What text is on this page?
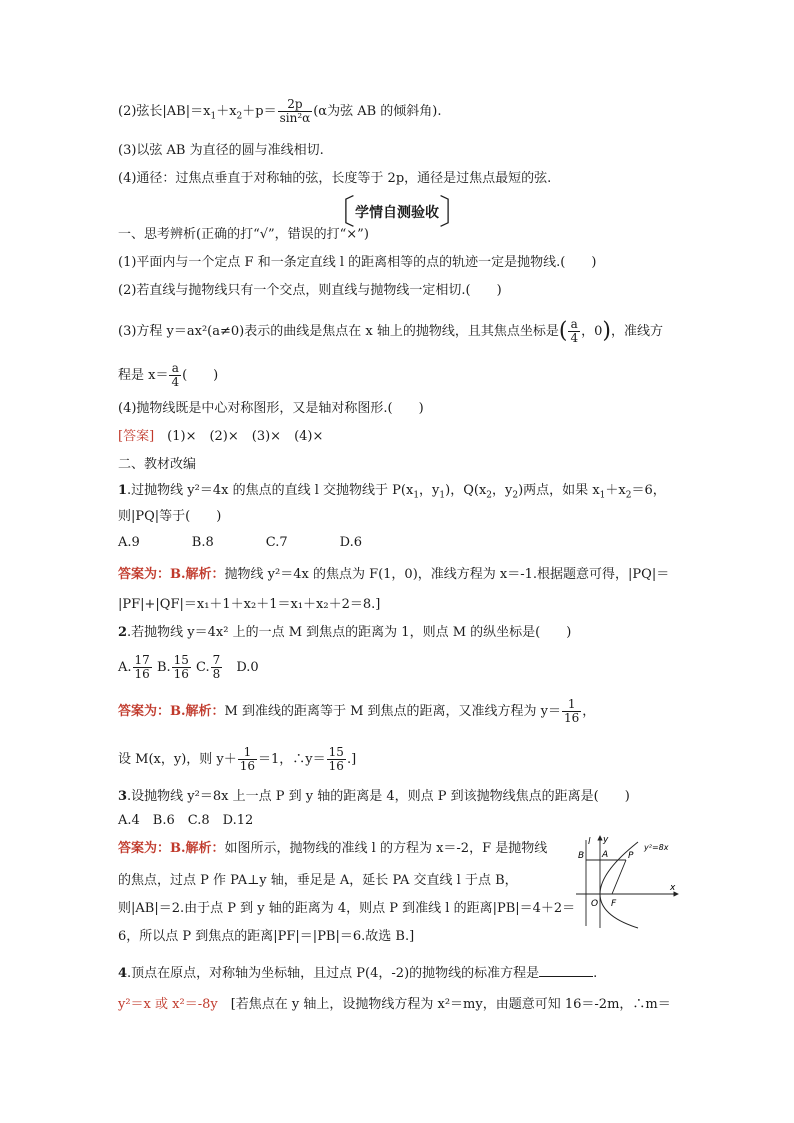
(2)弦长$|AB|=x_1+x_2+p= \frac{2p}{\text{sin²α}} (\alpha$为弦 AB 的倾斜角).
(3)以弦 AB 为直径的圆与准线相切.
(4)通径：过焦点垂直于对称轴的弦，长度等于 2p，通径是过焦点最短的弦.
〔学情自测验收〕
一、思考辨析(正确的打“√”，错误的打“×”)
(1)平面内与一个定点 F 和一条定直线 l 的距离相等的点的轨迹一定是抛物线.(　　)
(2)若直线与抛物线只有一个交点，则直线与抛物线一定相切.(　　)
(3)方程 y＝ax²(a≠0)表示的曲线是焦点在 x 轴上的抛物线，且其焦点坐标是( $\frac{a}{4}$ ，0)，准线方
程是 $x= \frac{a}{4}$ (　　)
(4)抛物线既是中心对称图形，又是轴对称图形.(　　)
[答案]　(1)×　(2)×　(3)×　(4)×
二、教材改编
1.过抛物线 y²＝4x 的焦点的直线 l 交抛物线于 $P(x_1$，$y_1$)，$Q(x_2$，$y_2$)两点，如果 $x_1+x_2=6$，
则|PQ|等于(　　)
A.9　　　　B.8　　　　C.7　　　　D.6
答案为：B.解析：抛物线 y²＝4x 的焦点为 F(1，0)，准线方程为 x＝-1.根据题意可得，|PQ|＝
|PF|+|QF|＝x₁＋1＋x₂＋1＝x₁＋x₂＋2＝8.]
2.若抛物线 y＝4x² 上的一点 M 到焦点的距离为 1，则点 M 的纵坐标是(　　)
A. $\frac{17}{16} B$. $\frac{15}{16} C$. $\frac{7}{8}$ 　D.0
答案为：B.解析：M 到准线的距离等于 M 到焦点的距离，又准线方程为 $y= \frac{1}{16}$ ，
设 M(x，y)，则 $y+ \frac{1}{16} =1$，∴y＝ $\frac{15}{16}$ .]
3.设抛物线 y²＝8x 上一点 P 到 y 轴的距离是 4，则点 P 到该抛物线焦点的距离是(　　)
A.4　B.6　C.8　D.12
答案为：B.解析：如图所示，抛物线的准线 l 的方程为 x＝-2，F 是抛物线
的焦点，过点 P 作 PA⊥y 轴，垂足是 A，延长 PA 交直线 l 于点 B，
则|AB|＝2.由于点 P 到 y 轴的距离为 4，则点 P 到准线 l 的距离|PB|＝4＋2＝
6，所以点 P 到焦点的距离|PF|＝|PB|＝6.故选 B.]
l y
y²=8x
B A P
O F
x
4.顶点在原点，对称轴为坐标轴，且过点 P(4，-2)的抛物线的标准方程是	.
y²＝x 或 x²＝-8y　[若焦点在 y 轴上，设抛物线方程为 x²＝my，由题意可知 16＝-2m，∴m＝
